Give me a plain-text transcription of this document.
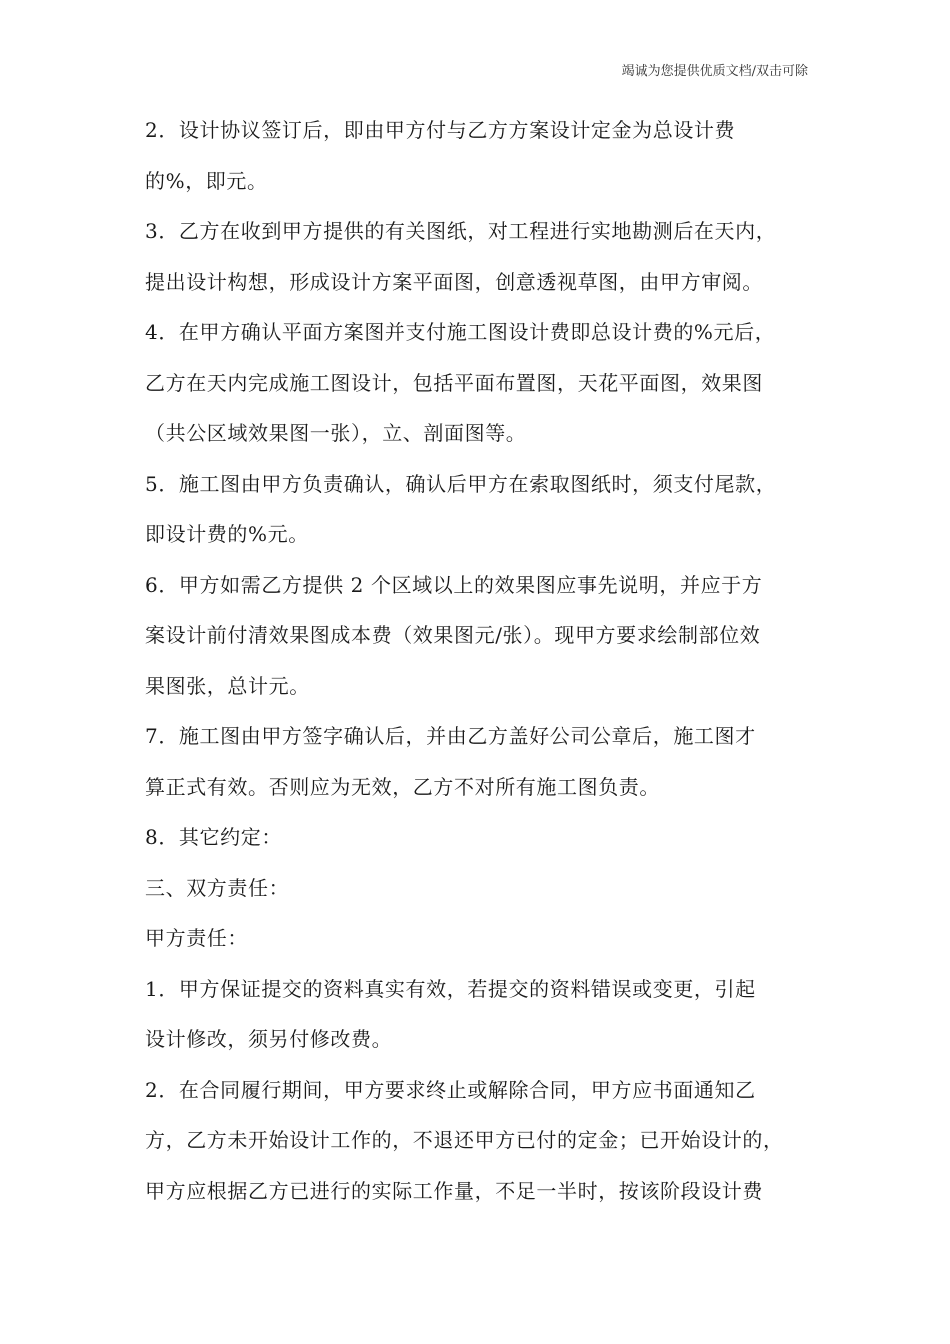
竭诚为您提供优质文档/双击可除
2．设计协议签订后，即由甲方付与乙方方案设计定金为总设计费
的%，即元。
3．乙方在收到甲方提供的有关图纸，对工程进行实地勘测后在天内，
提出设计构想，形成设计方案平面图，创意透视草图，由甲方审阅。
4．在甲方确认平面方案图并支付施工图设计费即总设计费的%元后，
乙方在天内完成施工图设计，包括平面布置图，天花平面图，效果图
（共公区域效果图一张），立、剖面图等。
5．施工图由甲方负责确认，确认后甲方在索取图纸时，须支付尾款，
即设计费的%元。
6．甲方如需乙方提供 2 个区域以上的效果图应事先说明，并应于方
案设计前付清效果图成本费（效果图元/张）。现甲方要求绘制部位效
果图张，总计元。
7．施工图由甲方签字确认后，并由乙方盖好公司公章后，施工图才
算正式有效。否则应为无效，乙方不对所有施工图负责。
8．其它约定：
三、双方责任：
甲方责任：
1．甲方保证提交的资料真实有效，若提交的资料错误或变更，引起
设计修改，须另付修改费。
2．在合同履行期间，甲方要求终止或解除合同，甲方应书面通知乙
方，乙方未开始设计工作的，不退还甲方已付的定金；已开始设计的，
甲方应根据乙方已进行的实际工作量，不足一半时，按该阶段设计费
